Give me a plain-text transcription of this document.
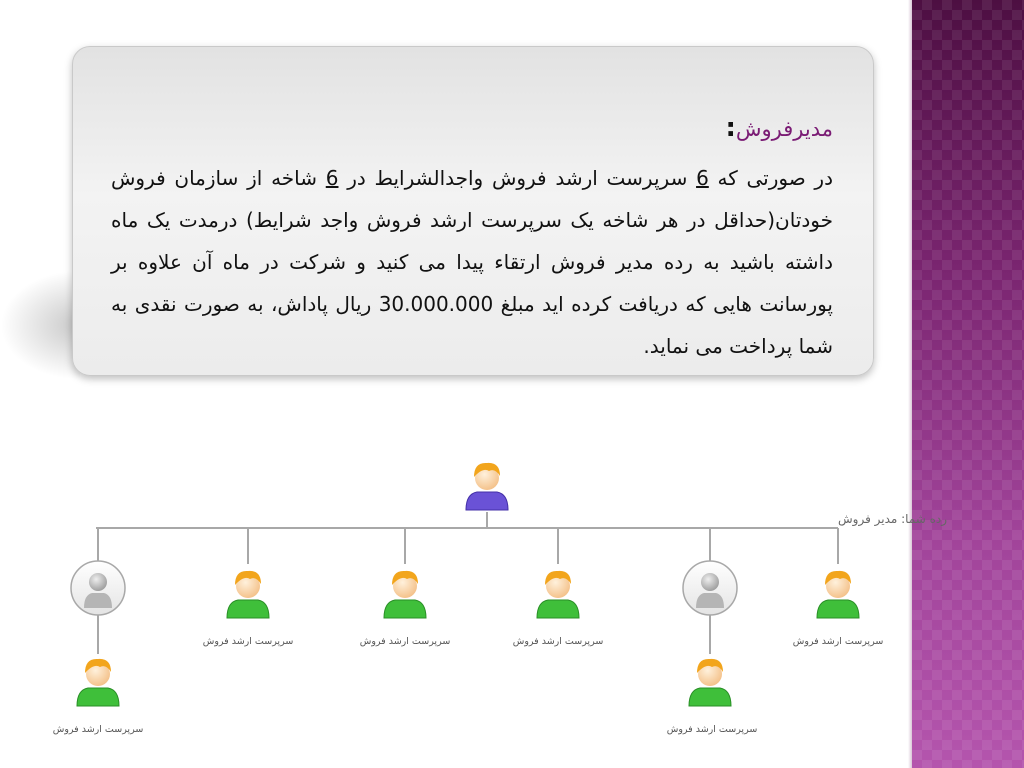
مدیرفروش:

در صورتی که 6 سرپرست ارشد فروش واجدالشرایط در 6 شاخه از سازمان فروش خودتان(حداقل در هر شاخه یک سرپرست ارشد فروش واجد شرایط) درمدت یک ماه داشته باشید به رده مدیر فروش ارتقاء پیدا می کنید و شرکت در ماه آن علاوه بر پورسانت هایی که دریافت کرده اید مبلغ 30.000.000 ریال پاداش، به صورت نقدی به شما پرداخت می نماید.

رده شما: مدیر فروش
سرپرست ارشد فروش	سرپرست ارشد فروش	سرپرست ارشد فروش	سرپرست ارشد فروش
سرپرست ارشد فروش	سرپرست ارشد فروش
